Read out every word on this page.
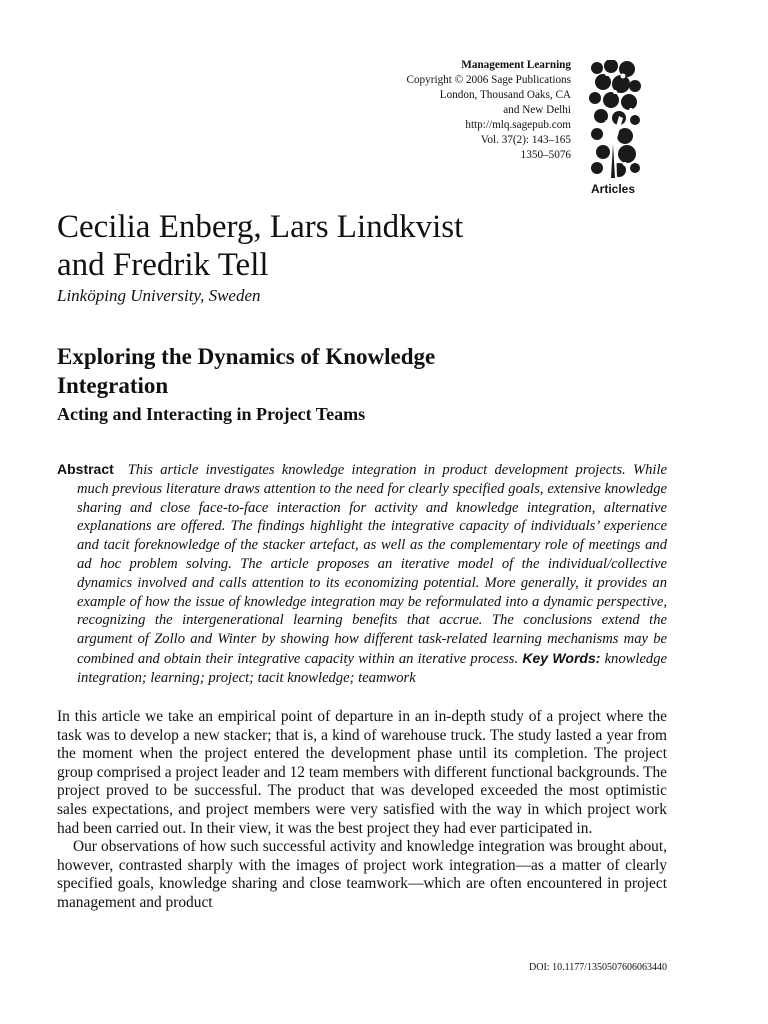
Management Learning
Copyright © 2006 Sage Publications
London, Thousand Oaks, CA
and New Delhi
http://mlq.sagepub.com
Vol. 37(2): 143–165
1350–5076
Articles
Cecilia Enberg, Lars Lindkvist
and Fredrik Tell
Linköping University, Sweden
Exploring the Dynamics of Knowledge
Integration
Acting and Interacting in Project Teams
Abstract This article investigates knowledge integration in product development projects. While much previous literature draws attention to the need for clearly specified goals, extensive knowledge sharing and close face-to-face interaction for activity and knowledge integration, alternative explanations are offered. The findings highlight the integrative capacity of individuals’ experience and tacit foreknowledge of the stacker artefact, as well as the complementary role of meetings and ad hoc problem solving. The article proposes an iterative model of the individual/collective dynamics involved and calls attention to its economizing potential. More generally, it provides an example of how the issue of knowledge integration may be reformulated into a dynamic perspective, recognizing the intergenerational learning benefits that accrue. The conclusions extend the argument of Zollo and Winter by showing how different task-related learning mechanisms may be combined and obtain their integrative capacity within an iterative process. Key Words: knowledge integration; learning; project; tacit knowledge; teamwork

In this article we take an empirical point of departure in an in-depth study of a project where the task was to develop a new stacker; that is, a kind of warehouse truck. The study lasted a year from the moment when the project entered the development phase until its completion. The project group comprised a project leader and 12 team members with different functional backgrounds. The project proved to be successful. The product that was developed exceeded the most optimistic sales expectations, and project members were very satisfied with the way in which project work had been carried out. In their view, it was the best project they had ever participated in.

Our observations of how such successful activity and knowledge integration was brought about, however, contrasted sharply with the images of project work integration—as a matter of clearly specified goals, knowledge sharing and close teamwork—which are often encountered in project management and product

DOI: 10.1177/1350507606063440
